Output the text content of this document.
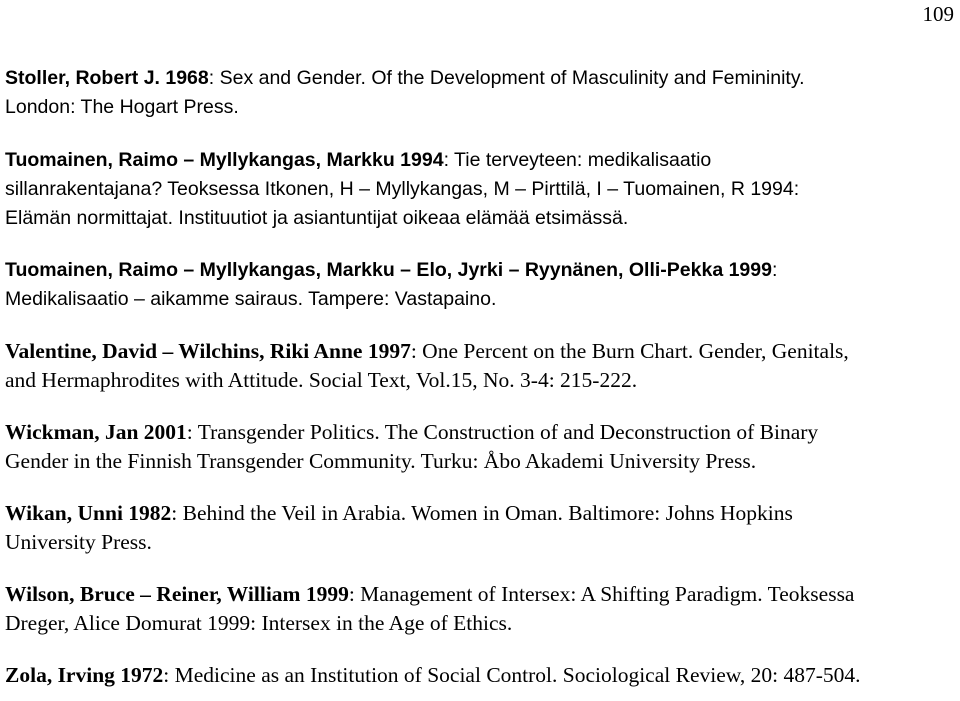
109

Stoller, Robert J. 1968: Sex and Gender. Of the Development of Masculinity and Femininity.
London: The Hogart Press.

Tuomainen, Raimo – Myllykangas, Markku 1994: Tie terveyteen: medikalisaatio
sillanrakentajana? Teoksessa Itkonen, H – Myllykangas, M – Pirttilä, I – Tuomainen, R 1994:
Elämän normittajat. Instituutiot ja asiantuntijat oikeaa elämää etsimässä.

Tuomainen, Raimo – Myllykangas, Markku – Elo, Jyrki – Ryynänen, Olli-Pekka 1999:
Medikalisaatio – aikamme sairaus. Tampere: Vastapaino.

Valentine, David – Wilchins, Riki Anne 1997: One Percent on the Burn Chart. Gender, Genitals,
and Hermaphrodites with Attitude. Social Text, Vol.15, No. 3-4: 215-222.

Wickman, Jan 2001: Transgender Politics. The Construction of and Deconstruction of Binary
Gender in the Finnish Transgender Community. Turku: Åbo Akademi University Press.

Wikan, Unni 1982: Behind the Veil in Arabia. Women in Oman. Baltimore: Johns Hopkins
University Press.

Wilson, Bruce – Reiner, William 1999: Management of Intersex: A Shifting Paradigm. Teoksessa
Dreger, Alice Domurat 1999: Intersex in the Age of Ethics.

Zola, Irving 1972: Medicine as an Institution of Social Control. Sociological Review, 20: 487-504.
